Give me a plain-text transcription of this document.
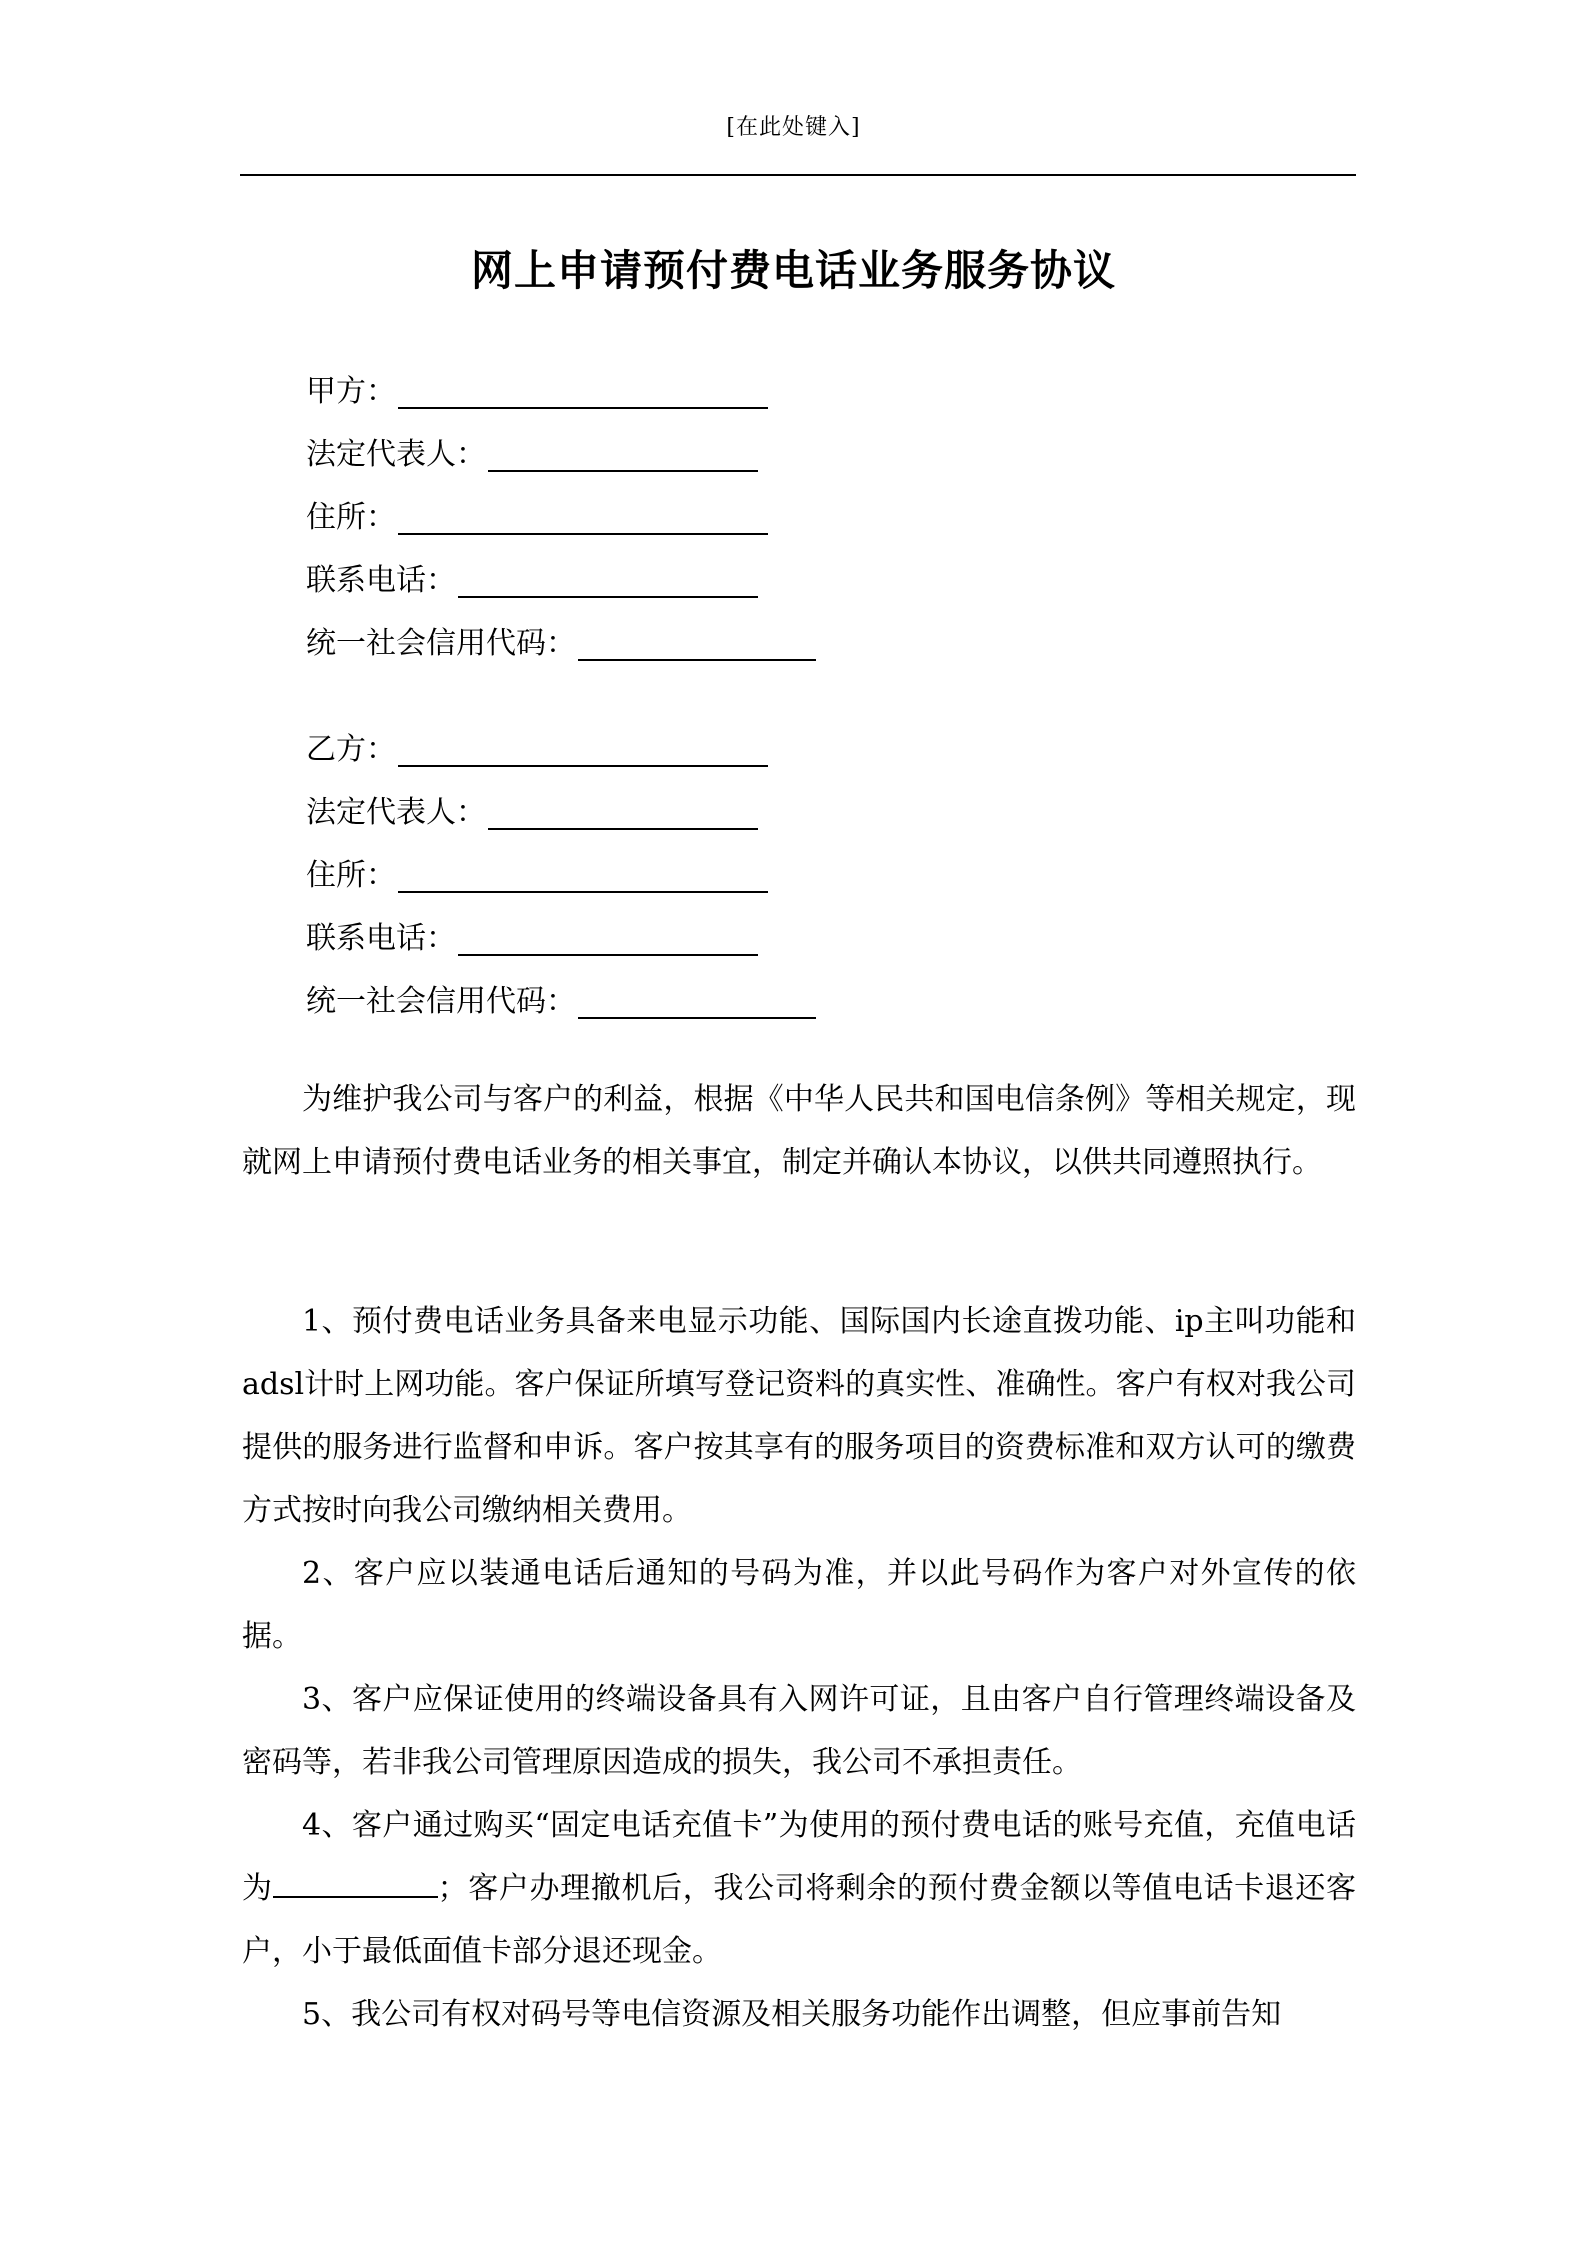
[在此处键入]
网上申请预付费电话业务服务协议
甲方：
法定代表人：
住所：
联系电话：
统一社会信用代码：
乙方：
法定代表人：
住所：
联系电话：
统一社会信用代码：

为维护我公司与客户的利益，根据《中华人民共和国电信条例》等相关规定，现就网上申请预付费电话业务的相关事宜，制定并确认本协议，以供共同遵照执行。

1、预付费电话业务具备来电显示功能、国际国内长途直拨功能、ip主叫功能和adsl计时上网功能。客户保证所填写登记资料的真实性、准确性。客户有权对我公司提供的服务进行监督和申诉。客户按其享有的服务项目的资费标准和双方认可的缴费方式按时向我公司缴纳相关费用。

2、客户应以装通电话后通知的号码为准，并以此号码作为客户对外宣传的依据。

3、客户应保证使用的终端设备具有入网许可证，且由客户自行管理终端设备及密码等，若非我公司管理原因造成的损失，我公司不承担责任。

4、客户通过购买“固定电话充值卡”为使用的预付费电话的账号充值，充值电话为	；客户办理撤机后，我公司将剩余的预付费金额以等值电话卡退还客户，小于最低面值卡部分退还现金。

5、我公司有权对码号等电信资源及相关服务功能作出调整，但应事前告知
